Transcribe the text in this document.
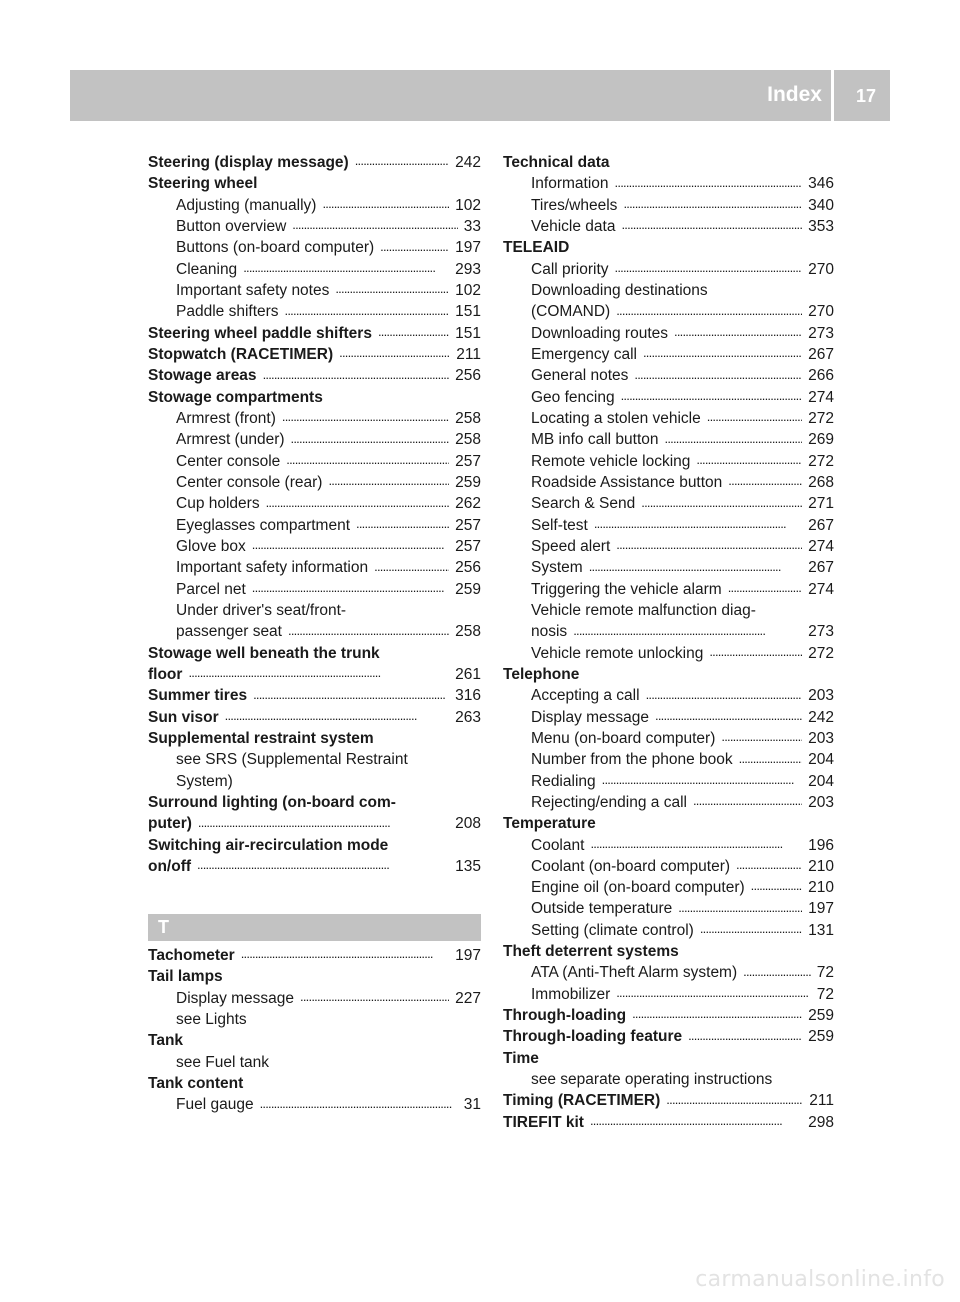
Index 17
Steering (display message) . . .	242
Steering wheel
Adjusting (manually) . . .	102
Button overview . . .	33
Buttons (on-board computer) . . .	197
Cleaning . . .	293
Important safety notes . . .	102
Paddle shifters . . .	151
Steering wheel paddle shifters . . .	151
Stopwatch (RACETIMER) . . .	211
Stowage areas . . .	256
Stowage compartments
Armrest (front) . . .	258
Armrest (under) . . .	258
Center console . . .	257
Center console (rear) . . .	259
Cup holders . . .	262
Eyeglasses compartment . . .	257
Glove box . . .	257
Important safety information . . .	256
Parcel net . . .	259
Under driver's seat/front-
passenger seat . . .	258
Stowage well beneath the trunk
floor . . .	261
Summer tires . . .	316
Sun visor . . .	263
Supplemental restraint system
see SRS (Supplemental Restraint
System)
Surround lighting (on-board com-
puter) . . .	208
Switching air-recirculation mode
on/off . . .	135
T
Tachometer . . .	197
Tail lamps
Display message . . .	227
see Lights
Tank
see Fuel tank
Tank content
Fuel gauge . . .	31
Technical data
Information . . .	346
Tires/wheels . . .	340
Vehicle data . . .	353
TELEAID
Call priority . . .	270
Downloading destinations
(COMAND) . . .	270
Downloading routes . . .	273
Emergency call . . .	267
General notes . . .	266
Geo fencing . . .	274
Locating a stolen vehicle . . .	272
MB info call button . . .	269
Remote vehicle locking . . .	272
Roadside Assistance button . . .	268
Search & Send . . .	271
Self-test . . .	267
Speed alert . . .	274
System . . .	267
Triggering the vehicle alarm . . .	274
Vehicle remote malfunction diag-
nosis . . .	273
Vehicle remote unlocking . . .	272
Telephone
Accepting a call . . .	203
Display message . . .	242
Menu (on-board computer) . . .	203
Number from the phone book . . .	204
Redialing . . .	204
Rejecting/ending a call . . .	203
Temperature
Coolant . . .	196
Coolant (on-board computer) . . .	210
Engine oil (on-board computer) . . .	210
Outside temperature . . .	197
Setting (climate control) . . .	131
Theft deterrent systems
ATA (Anti-Theft Alarm system) . . .	72
Immobilizer . . .	72
Through-loading . . .	259
Through-loading feature . . .	259
Time
see separate operating instructions
Timing (RACETIMER) . . .	211
TIREFIT kit . . .	298
carmanualsonline.info
